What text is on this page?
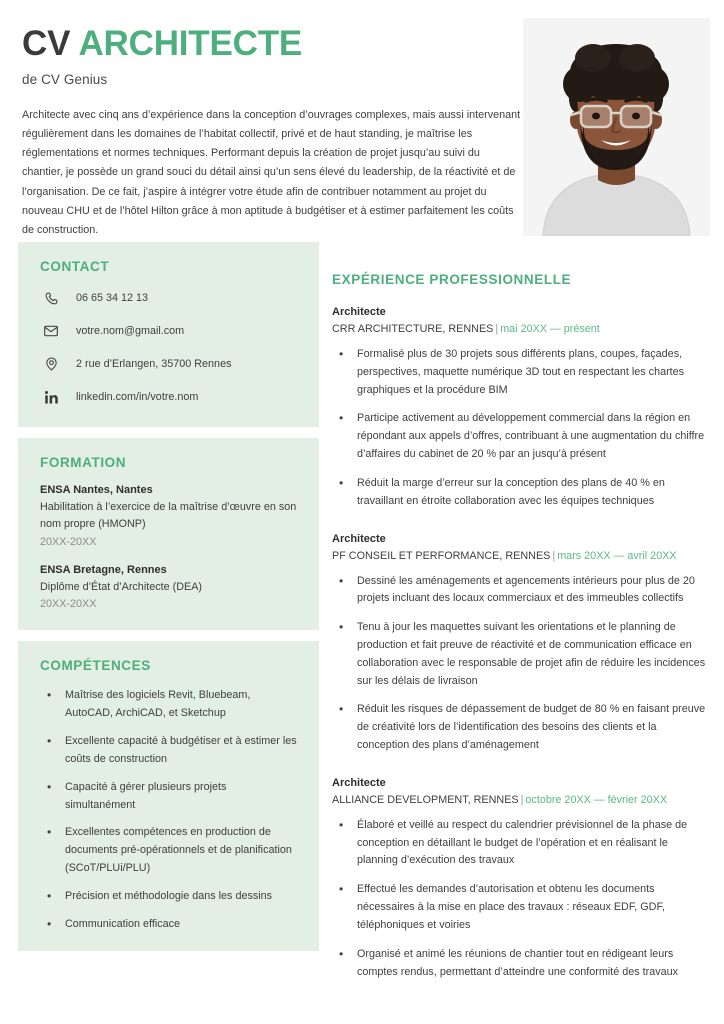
CV ARCHITECTE
de CV Genius
Architecte avec cinq ans d’expérience dans la conception d’ouvrages complexes, mais aussi intervenant régulièrement dans les domaines de l’habitat collectif, privé et de haut standing, je maîtrise les réglementations et normes techniques. Performant depuis la création de projet jusqu’au suivi du chantier, je possède un grand souci du détail ainsi qu’un sens élevé du leadership, de la réactivité et de l’organisation. De ce fait, j’aspire à intégrer votre étude afin de contribuer notamment au projet du nouveau CHU et de l’hôtel Hilton grâce à mon aptitude à budgétiser et à estimer parfaitement les coûts de construction.
CONTACT
06 65 34 12 13
votre.nom@gmail.com
2 rue d’Erlangen, 35700 Rennes
linkedin.com/in/votre.nom
FORMATION
ENSA Nantes, Nantes
Habilitation à l’exercice de la maîtrise d’œuvre en son nom propre (HMONP)
20XX-20XX
ENSA Bretagne, Rennes
Diplôme d’État d’Architecte (DEA)
20XX-20XX
COMPÉTENCES
• Maîtrise des logiciels Revit, Bluebeam, AutoCAD, ArchiCAD, et Sketchup
• Excellente capacité à budgétiser et à estimer les coûts de construction
• Capacité à gérer plusieurs projets simultanément
• Excellentes compétences en production de documents pré-opérationnels et de planification (SCoT/PLUi/PLU)
• Précision et méthodologie dans les dessins
• Communication efficace
EXPÉRIENCE PROFESSIONNELLE
Architecte
CRR ARCHITECTURE, RENNES | mai 20XX — présent
• Formalisé plus de 30 projets sous différents plans, coupes, façades, perspectives, maquette numérique 3D tout en respectant les chartes graphiques et la procédure BIM
• Participe activement au développement commercial dans la région en répondant aux appels d’offres, contribuant à une augmentation du chiffre d’affaires du cabinet de 20 % par an jusqu’à présent
• Réduit la marge d’erreur sur la conception des plans de 40 % en travaillant en étroite collaboration avec les équipes techniques
Architecte
PF CONSEIL ET PERFORMANCE, RENNES | mars 20XX — avril 20XX
• Dessiné les aménagements et agencements intérieurs pour plus de 20 projets incluant des locaux commerciaux et des immeubles collectifs
• Tenu à jour les maquettes suivant les orientations et le planning de production et fait preuve de réactivité et de communication efficace en collaboration avec le responsable de projet afin de réduire les incidences sur les délais de livraison
• Réduit les risques de dépassement de budget de 80 % en faisant preuve de créativité lors de l’identification des besoins des clients et la conception des plans d’aménagement
Architecte
ALLIANCE DEVELOPMENT, RENNES | octobre 20XX — février 20XX
• Élaboré et veillé au respect du calendrier prévisionnel de la phase de conception en détaillant le budget de l’opération et en réalisant le planning d’exécution des travaux
• Effectué les demandes d’autorisation et obtenu les documents nécessaires à la mise en place des travaux : réseaux EDF, GDF, téléphoniques et voiries
• Organisé et animé les réunions de chantier tout en rédigeant leurs comptes rendus, permettant d’atteindre une conformité des travaux
